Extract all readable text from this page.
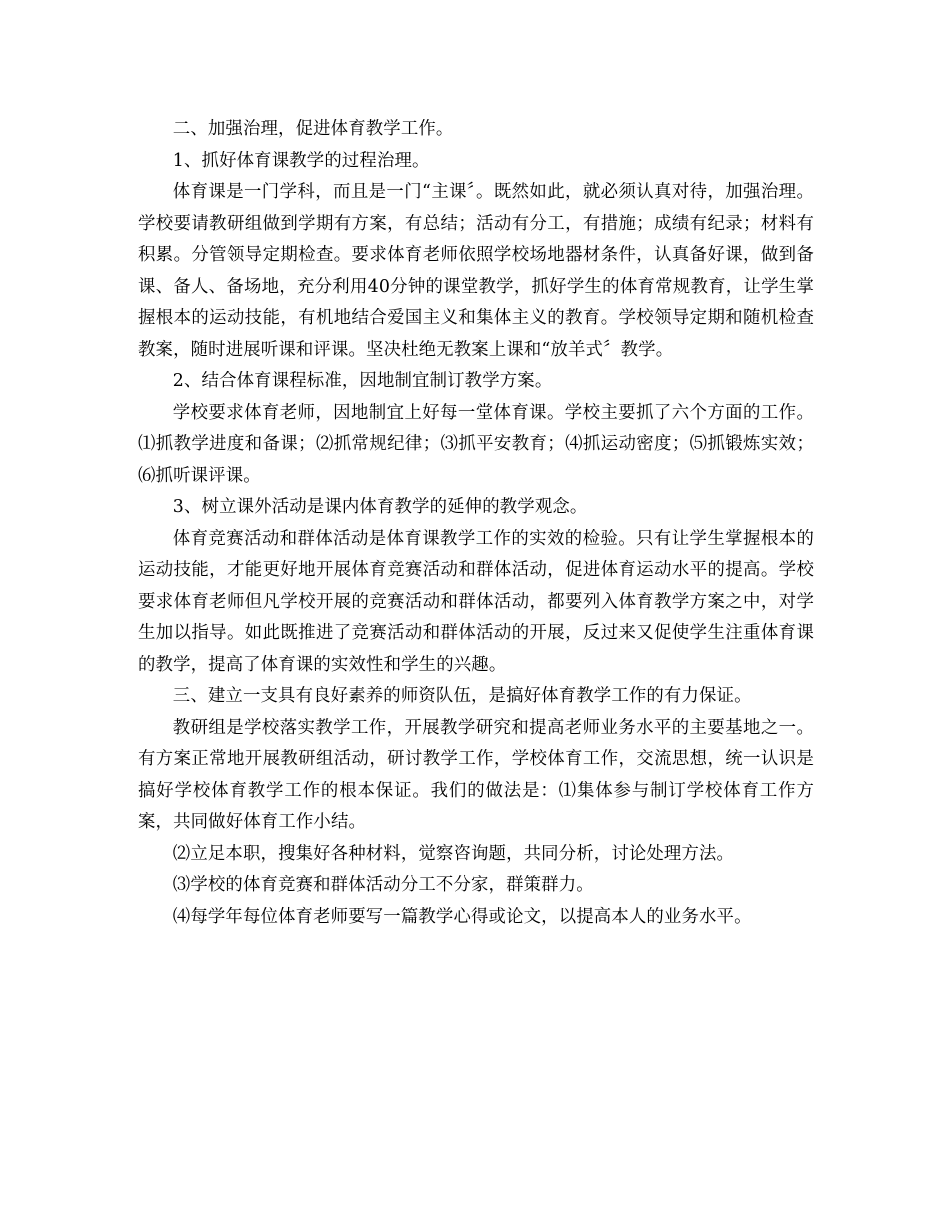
二、加强治理，促进体育教学工作。

1、抓好体育课教学的过程治理。

体育课是一门学科，而且是一门“主课〞。既然如此，就必须认真对待，加强治理。学校要请教研组做到学期有方案，有总结；活动有分工，有措施；成绩有纪录；材料有积累。分管领导定期检查。要求体育老师依照学校场地器材条件，认真备好课，做到备课、备人、备场地，充分利用40分钟的课堂教学，抓好学生的体育常规教育，让学生掌握根本的运动技能，有机地结合爱国主义和集体主义的教育。学校领导定期和随机检查教案，随时进展听课和评课。坚决杜绝无教案上课和“放羊式〞教学。

2、结合体育课程标准，因地制宜制订教学方案。

学校要求体育老师，因地制宜上好每一堂体育课。学校主要抓了六个方面的工作。⑴抓教学进度和备课；⑵抓常规纪律；⑶抓平安教育；⑷抓运动密度；⑸抓锻炼实效；⑹抓听课评课。

3、树立课外活动是课内体育教学的延伸的教学观念。

体育竞赛活动和群体活动是体育课教学工作的实效的检验。只有让学生掌握根本的运动技能，才能更好地开展体育竞赛活动和群体活动，促进体育运动水平的提高。学校要求体育老师但凡学校开展的竞赛活动和群体活动，都要列入体育教学方案之中，对学生加以指导。如此既推进了竞赛活动和群体活动的开展，反过来又促使学生注重体育课的教学，提高了体育课的实效性和学生的兴趣。

三、建立一支具有良好素养的师资队伍，是搞好体育教学工作的有力保证。

教研组是学校落实教学工作，开展教学研究和提高老师业务水平的主要基地之一。有方案正常地开展教研组活动，研讨教学工作，学校体育工作，交流思想，统一认识是搞好学校体育教学工作的根本保证。我们的做法是：⑴集体参与制订学校体育工作方案，共同做好体育工作小结。

⑵立足本职，搜集好各种材料，觉察咨询题，共同分析，讨论处理方法。

⑶学校的体育竞赛和群体活动分工不分家，群策群力。

⑷每学年每位体育老师要写一篇教学心得或论文，以提高本人的业务水平。
